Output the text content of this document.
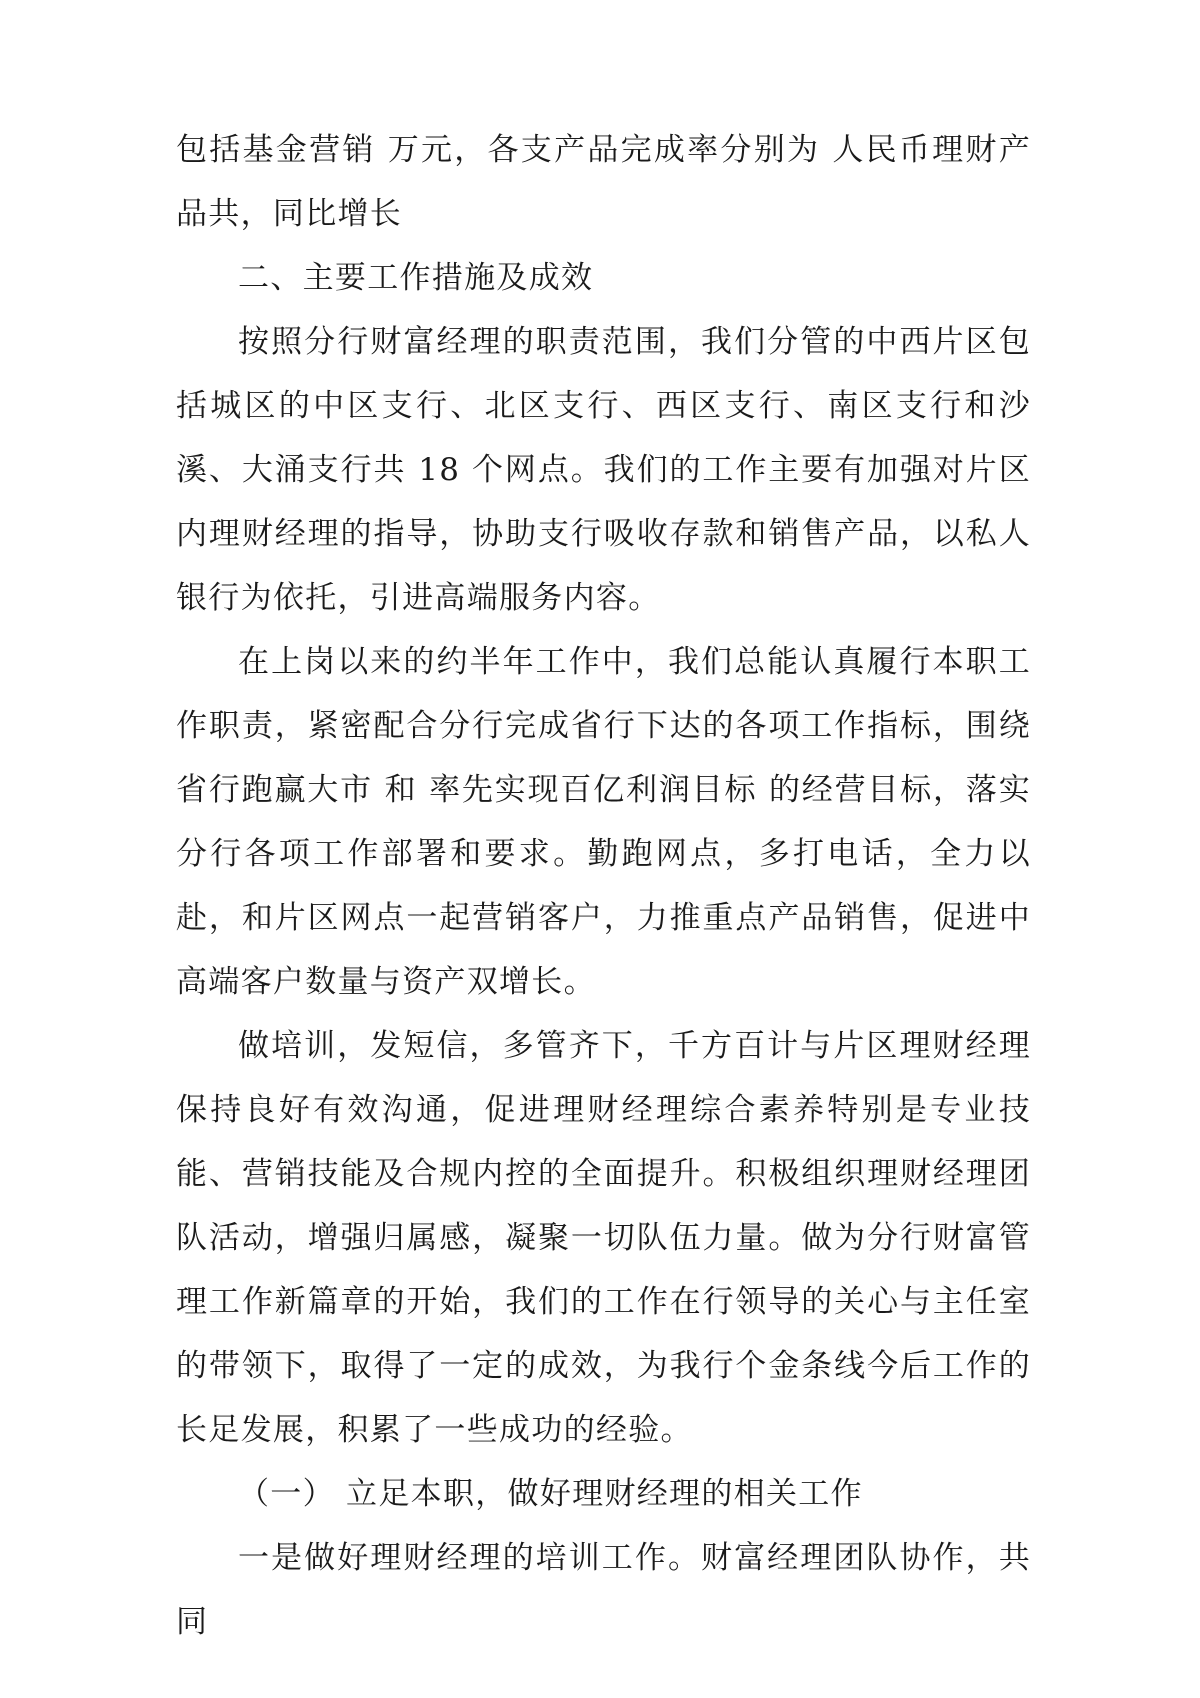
包括基金营销 万元，各支产品完成率分别为 人民币理财产品共，同比增长

二、主要工作措施及成效

按照分行财富经理的职责范围，我们分管的中西片区包括城区的中区支行、北区支行、西区支行、南区支行和沙溪、大涌支行共 18 个网点。我们的工作主要有加强对片区内理财经理的指导，协助支行吸收存款和销售产品，以私人银行为依托，引进高端服务内容。

在上岗以来的约半年工作中，我们总能认真履行本职工作职责，紧密配合分行完成省行下达的各项工作指标，围绕省行跑赢大市 和 率先实现百亿利润目标 的经营目标，落实分行各项工作部署和要求。勤跑网点，多打电话，全力以赴，和片区网点一起营销客户，力推重点产品销售，促进中高端客户数量与资产双增长。

做培训，发短信，多管齐下，千方百计与片区理财经理保持良好有效沟通，促进理财经理综合素养特别是专业技能、营销技能及合规内控的全面提升。积极组织理财经理团队活动，增强归属感，凝聚一切队伍力量。做为分行财富管理工作新篇章的开始，我们的工作在行领导的关心与主任室的带领下，取得了一定的成效，为我行个金条线今后工作的长足发展，积累了一些成功的经验。

（一） 立足本职，做好理财经理的相关工作

一是做好理财经理的培训工作。财富经理团队协作，共同
